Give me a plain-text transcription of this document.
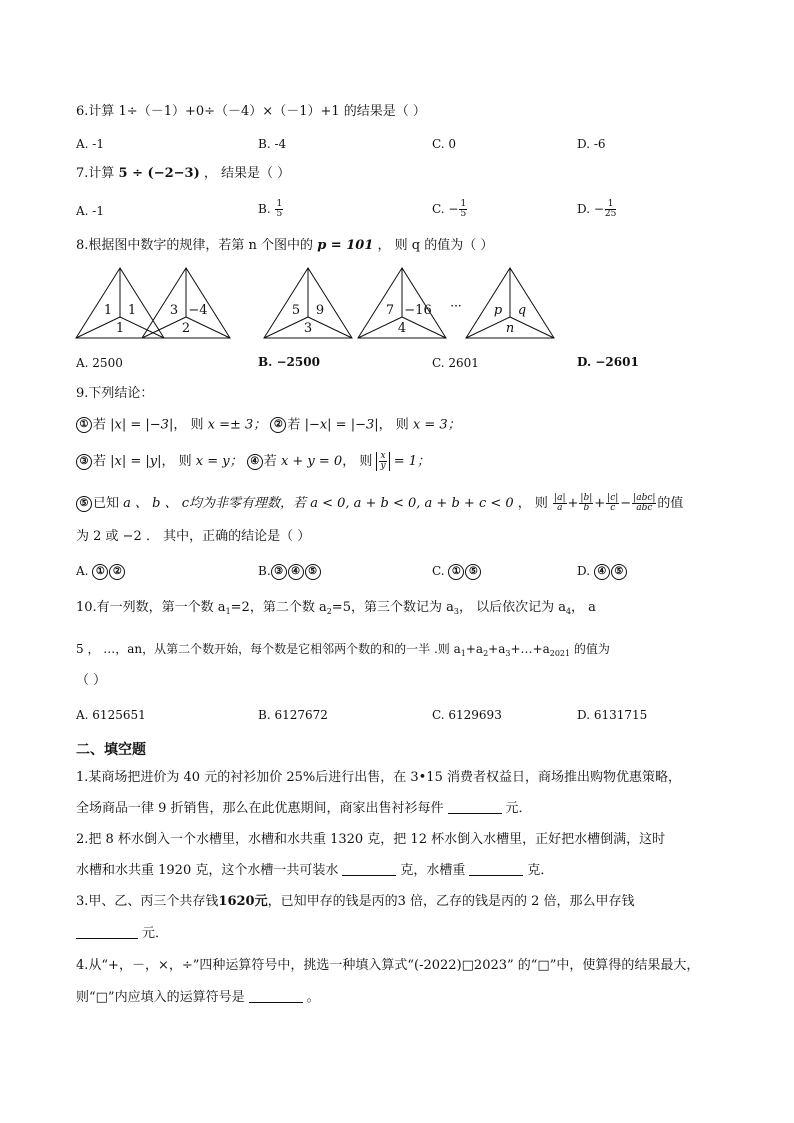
6.计算 1÷（－1）+0÷（－4）×（－1）+1 的结果是（ ）
A. -1	B. -4	C. 0	D. -6
7.计算 5 ÷ (−2−3) ， 结果是（ ）
A. -1	B. $\frac{1}{5}$	C. − $\frac{1}{5}$	D. − $\frac{1}{25}$
8.根据图中数字的规律，若第 n 个图中的 p = 101 ， 则 q 的值为（ ）
1 1
1
3 −4
2
5 9
3
7 −16
4
p q
n
···
A. 2500	B. −2500	C. 2601	D. −2601
9.下列结论：
① 若 |x| = |−3|， 则 x =± 3； ② 若 |−x| = |−3|， 则 x = 3；
③ 若 |x| = |y|， 则 x = y； ④ 若 x + y = 0， 则 $\frac{x}{y} = 1$；
⑤ 已知 a 、 b 、 c均为非零有理数，若 a < 0, a + b < 0, a + b + c < 0 ， 则 $\frac{|a|}{a} + \frac{|b|}{b} + \frac{|c|}{c} - \frac{\text{|abc|}}{\text{abc}}$ 的值
为 2 或 −2 ． 其中，正确的结论是（ ）
A. ① ②	B. ③ ④ ⑤	C. ① ⑤	D. ④ ⑤
10.有一列数，第一个数 $a_1=2$，第二个数 $a_2=5$，第三个数记为 $a_3$， 以后依次记为 $a_4$， a
5 ， …，an，从第二个数开始，每个数是它相邻两个数的和的一半 .则 $a_1+a_2+a_3+\dots+a_{2021}$ 的值为
（ ）
A. 6125651	B. 6127672	C. 6129693	D. 6131715
二、填空题
1.某商场把进价为 40 元的衬衫加价 25%后进行出售，在 3•15 消费者权益日，商场推出购物优惠策略，
全场商品一律 9 折销售，那么在此优惠期间，商家出售衬衫每件	元．
2.把 8 杯水倒入一个水槽里，水槽和水共重 1320 克，把 12 杯水倒入水槽里，正好把水槽倒满，这时
水槽和水共重 1920 克，这个水槽一共可装水	克，水槽重	克．
3.甲、乙、丙三个共存钱1620元，已知甲存的钱是丙的3 倍，乙存的钱是丙的 2 倍，那么甲存钱
元．
4.从“+，－，×，÷”四种运算符号中，挑选一种填入算式“(-2022)□2023” 的“□”中，使算得的结果最大，
则“□”内应填入的运算符号是	。
